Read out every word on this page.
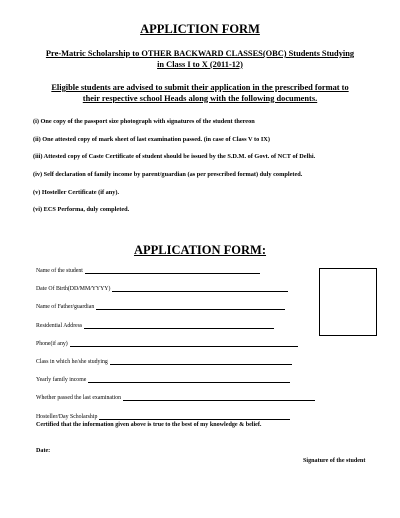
APPLICTION FORM
Pre-Matric Scholarship to OTHER BACKWARD CLASSES(OBC) Students Studying
in Class I to X (2011-12)
Eligible students are advised to submit their application in the prescribed format to
their respective school Heads along with the following documents.
(i) One copy of the passport size photograph with signatures of the student thereon
(ii) One attested copy of mark sheet of last examination passed. (in case of Class V to IX)
(iii) Attested copy of Caste Certificate of student should be issued by the S.D.M. of Govt. of NCT of Delhi.
(iv) Self declaration of family income by parent/guardian (as per prescribed format) duly completed.
(v) Hosteller Certificate (if any).
(vi) ECS Performa, duly completed.
APPLICATION FORM:
Name of the student
Date Of Birth(DD/MM/YYYY)
Name of Father/guardian
Residential Address
Phone(if any)
Class in which he/she studying
Yearly family income
Whether passed the last examination
Hosteller/Day Scholarship
Certified that the information given above is true to the best of my knowledge & belief.
Date:
Signature of the student
